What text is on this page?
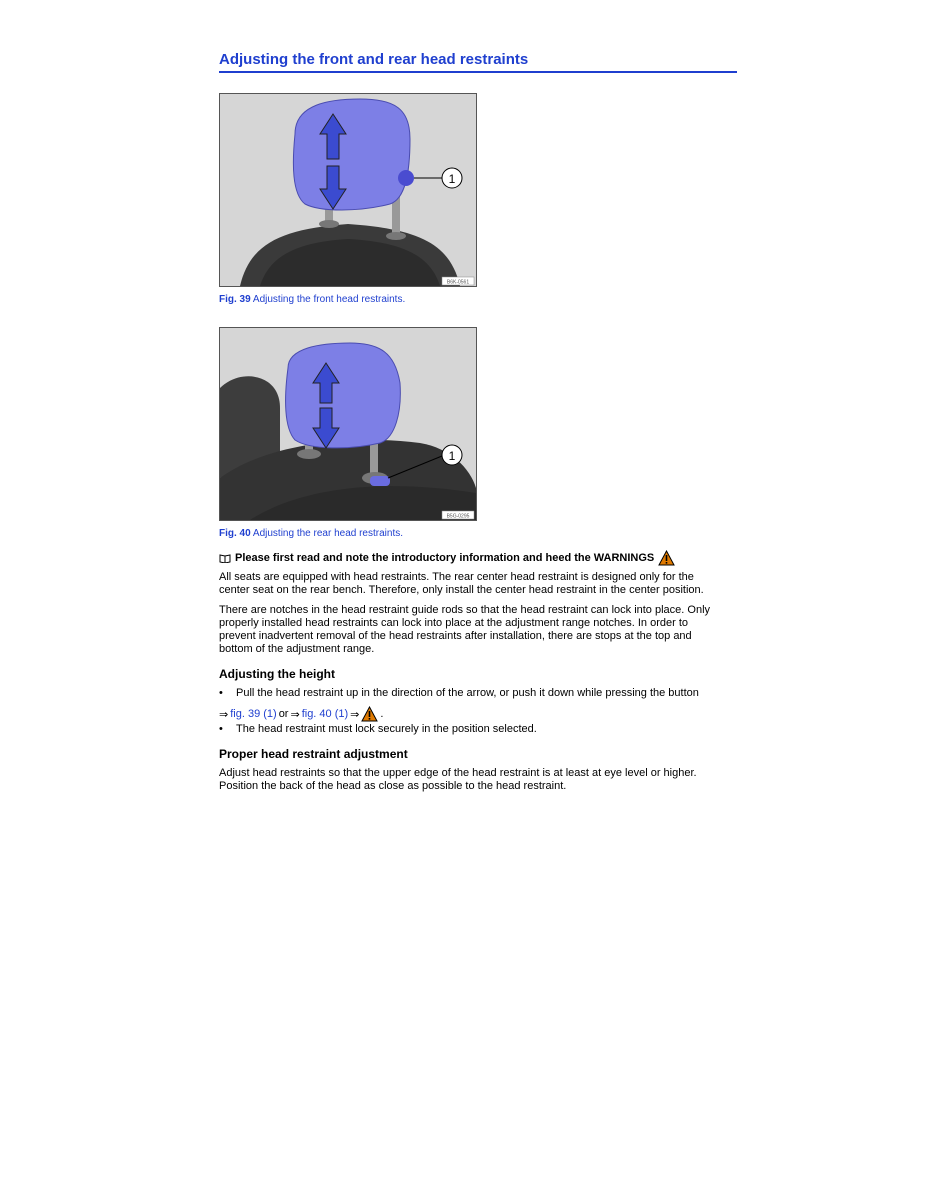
Adjusting the front and rear head restraints
1
B6K-0561
Fig. 39 Adjusting the front head restraints.
1
B5G-0295
Fig. 40 Adjusting the rear head restraints.
Please first read and note the introductory information and heed the WARNINGS
All seats are equipped with head restraints. The rear center head restraint is designed only for the center seat on the rear bench. Therefore, only install the center head restraint in the center position.
There are notches in the head restraint guide rods so that the head restraint can lock into place. Only properly installed head restraints can lock into place at the adjustment range notches. In order to prevent inadvertent removal of the head restraints after installation, there are stops at the top and bottom of the adjustment range.
Adjusting the height
• Pull the head restraint up in the direction of the arrow, or push it down while pressing the button
⇒ fig. 39 (1) or ⇒ fig. 40 (1) ⇒ .
• The head restraint must lock securely in the position selected.
Proper head restraint adjustment
Adjust head restraints so that the upper edge of the head restraint is at least at eye level or higher. Position the back of the head as close as possible to the head restraint.
